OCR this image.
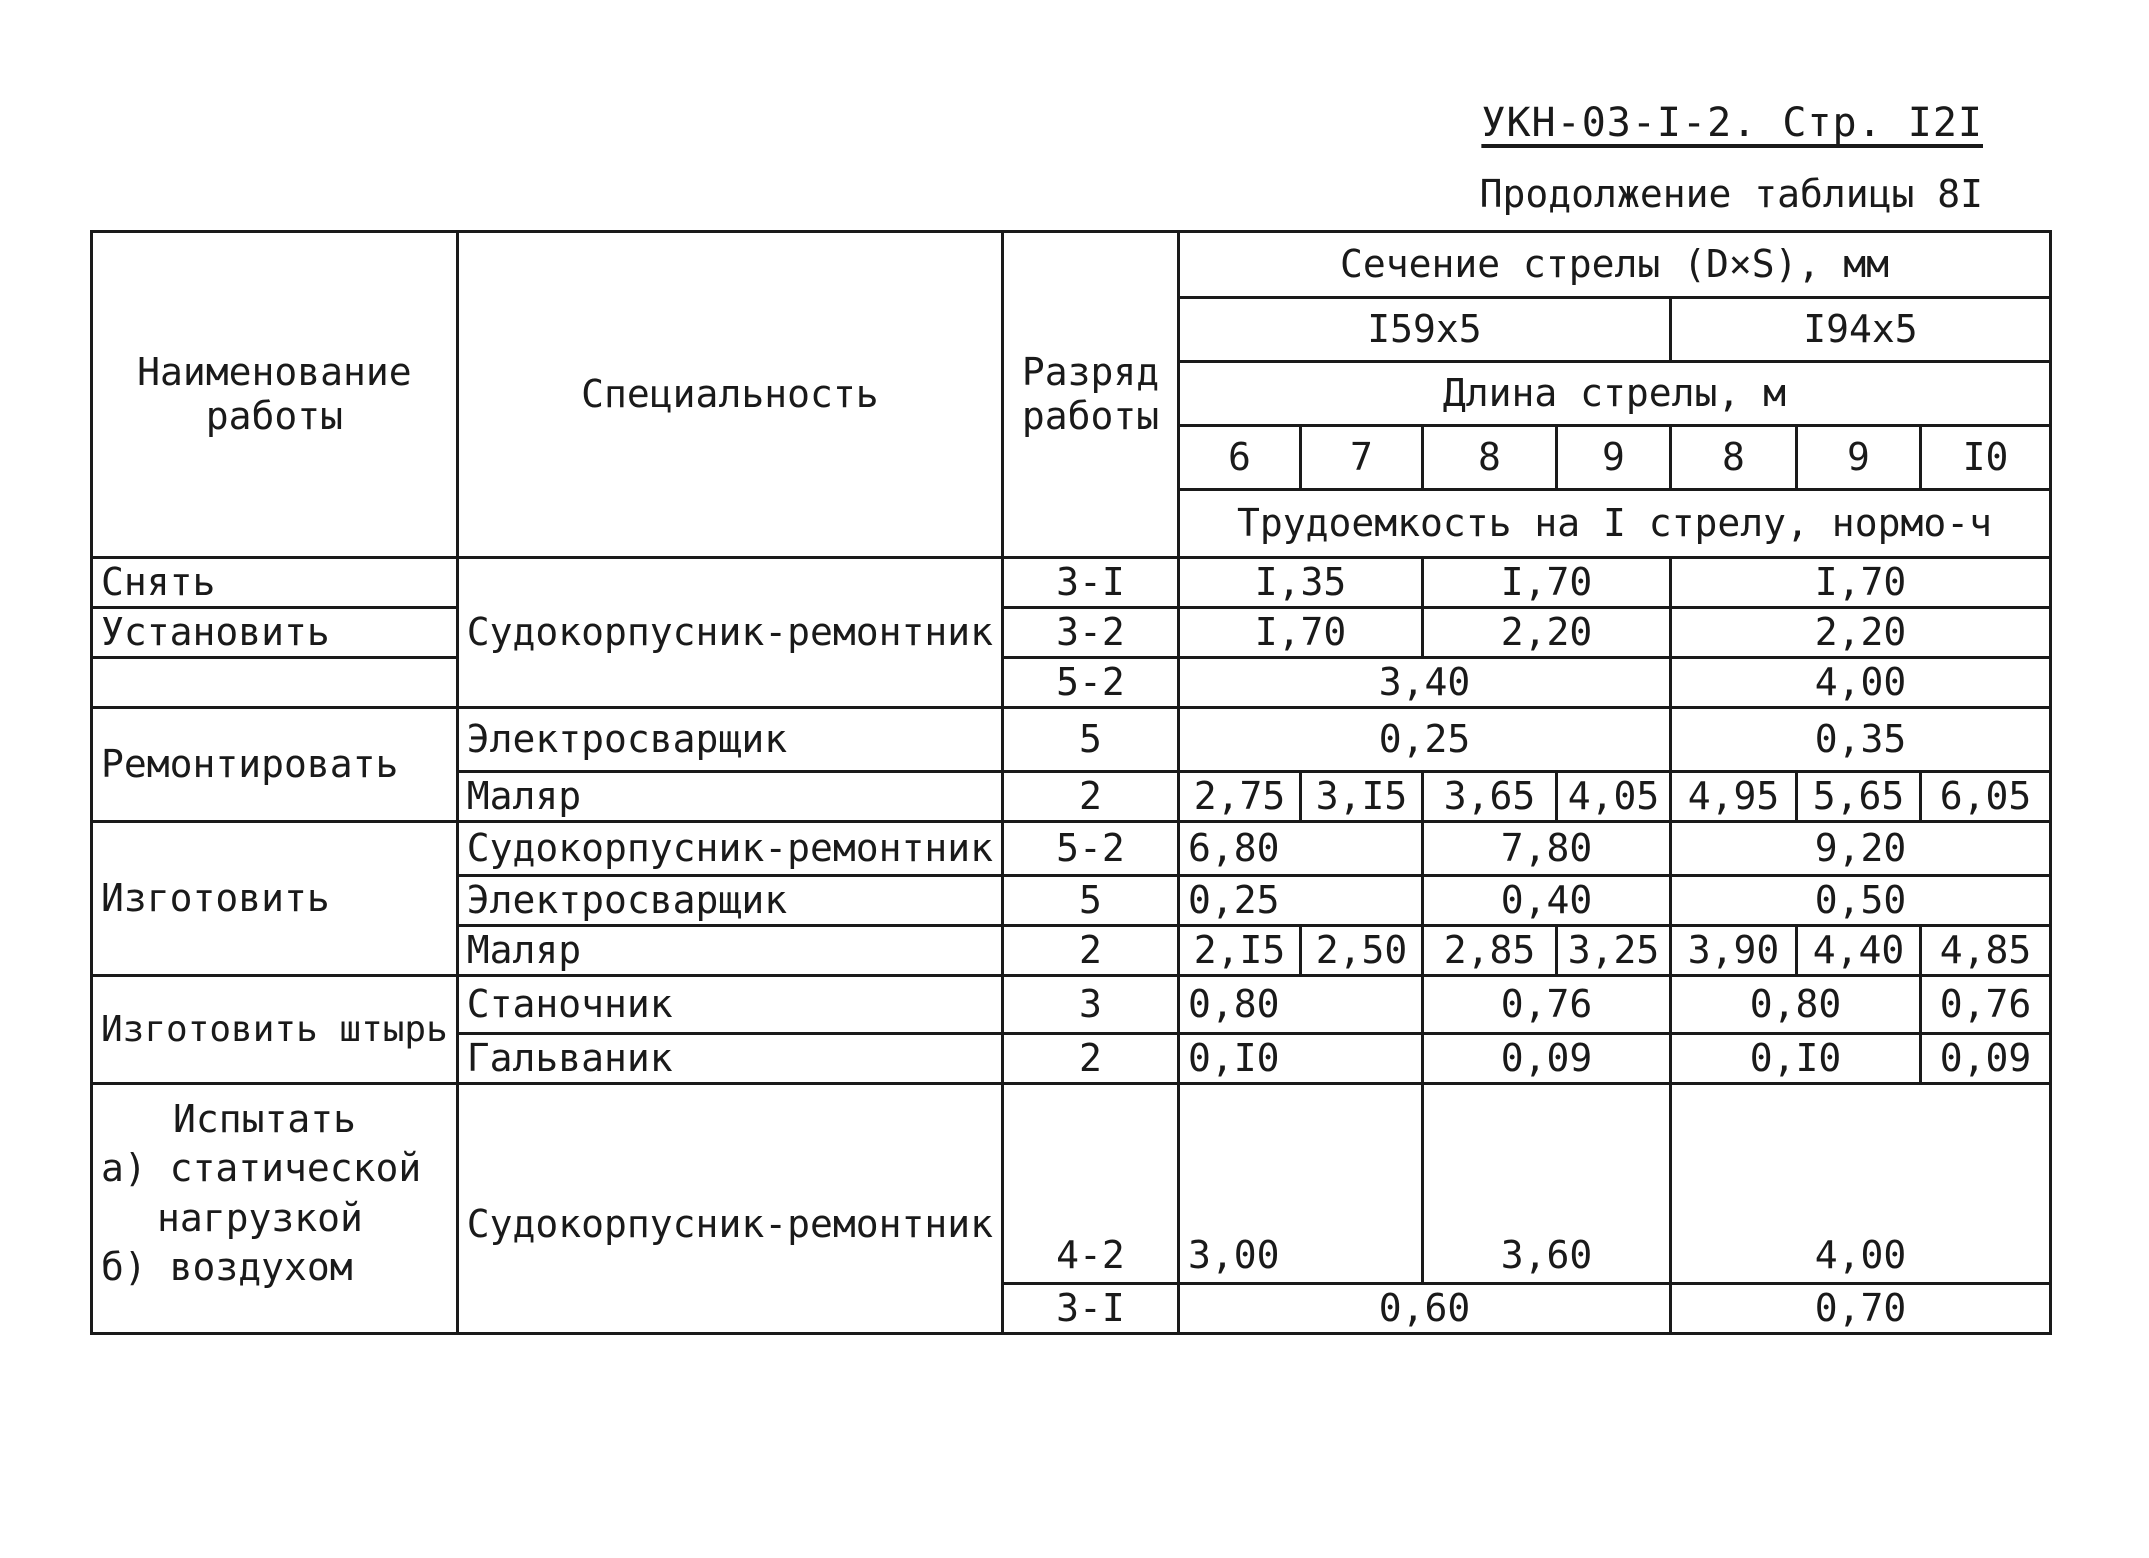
УКН-03-I-2. Стр. I2I
Продолжение таблицы 8I
Наименование работы	Специальность	Разряд работы	Сечение стрелы (D×S), мм						
			I59x5				I94x5		
			Длина стрелы, м						
			6	7	8	9	8	9	I0
			Трудоемкость на I стрелу, нормо-ч						
Снять	Судокорпусник-ремонтник	3-I	I,35		I,70		I,70		
Установить		3-2	I,70		2,20		2,20		
		5-2	3,40				4,00		
Ремонтировать	Электросварщик	5	0,25				0,35		
	Маляр	2	2,75	3,I5	3,65	4,05	4,95	5,65	6,05
Изготовить	Судокорпусник-ремонтник	5-2	6,80		7,80		9,20		
	Электросварщик	5	0,25		0,40		0,50		
	Маляр	2	2,I5	2,50	2,85	3,25	3,90	4,40	4,85
Изготовить штырь	Станочник	3	0,80		0,76		0,80		0,76
	Гальваник	2	0,I0		0,09		0,I0		0,09

Испытать
а) статической
нагрузкой
б) воздухом	Судокорпусник-ремонтник	4-2	3,00		3,60		4,00		
		3-I	0,60				0,70		
